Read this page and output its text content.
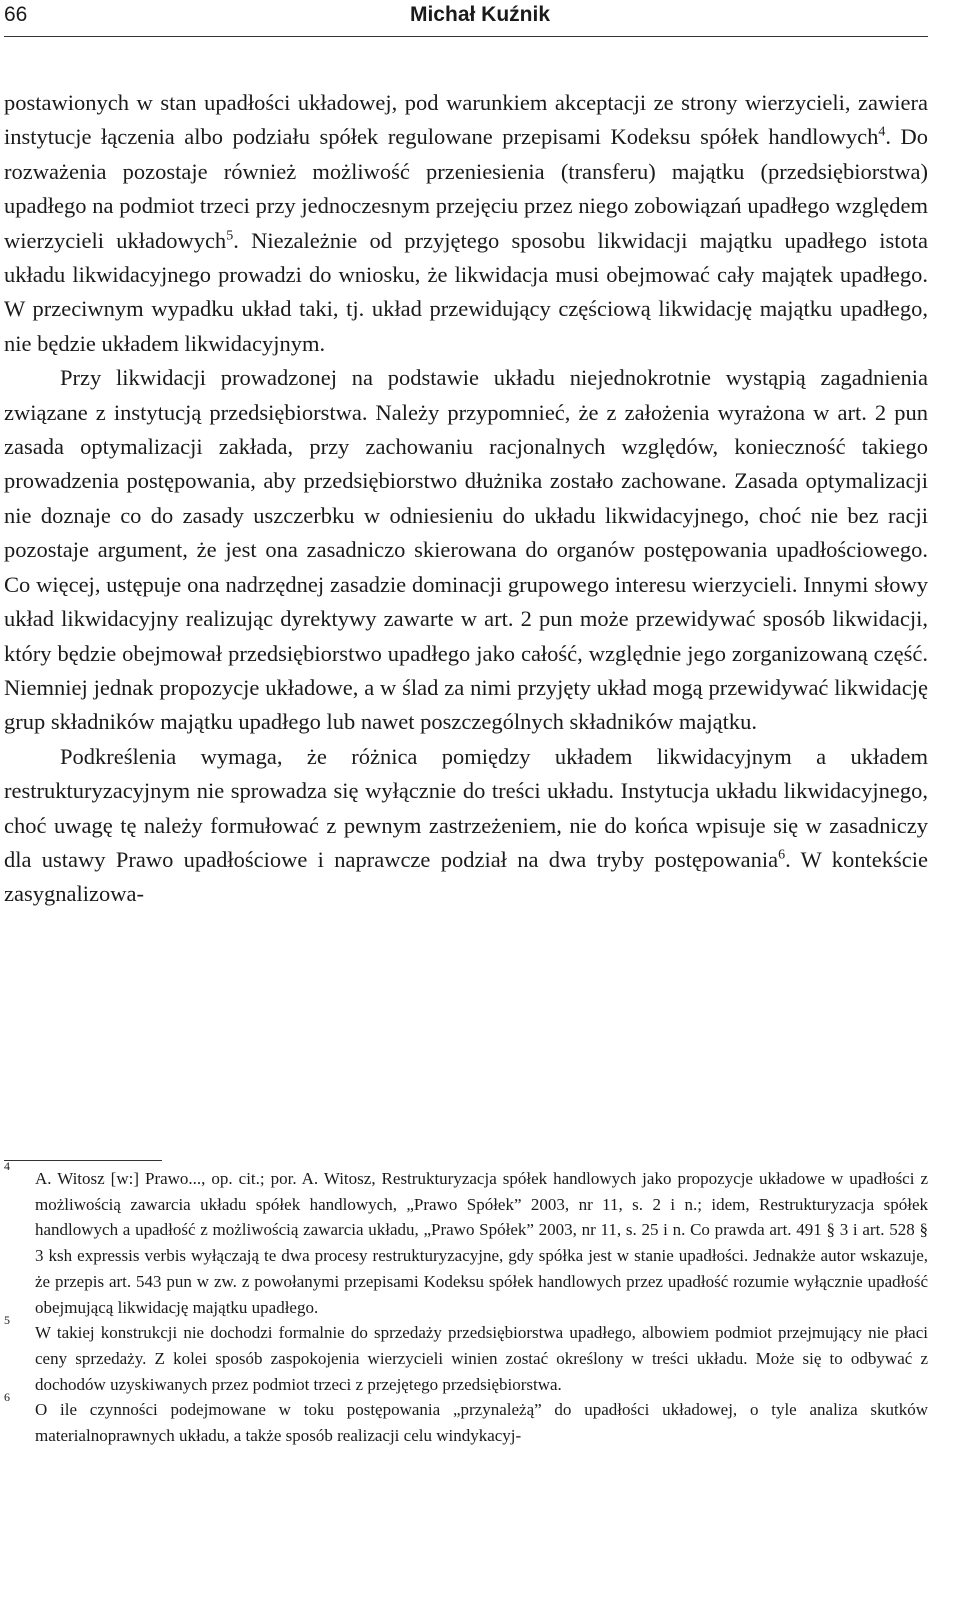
66	Michał Kuźnik

postawionych w stan upadłości układowej, pod warunkiem akceptacji ze strony wierzycieli, zawiera instytucje łączenia albo podziału spółek regulowane przepisami Kodeksu spółek handlowych$^4$. Do rozważenia pozostaje również możliwość przeniesienia (transferu) majątku (przedsiębiorstwa) upadłego na podmiot trzeci przy jednoczesnym przejęciu przez niego zobowiązań upadłego względem wierzycieli układowych$^5$. Niezależnie od przyjętego sposobu likwidacji majątku upadłego istota układu likwidacyjnego prowadzi do wniosku, że likwidacja musi obejmować cały majątek upadłego. W przeciwnym wypadku układ taki, tj. układ przewidujący częściową likwidację majątku upadłego, nie będzie układem likwidacyjnym.

Przy likwidacji prowadzonej na podstawie układu niejednokrotnie wystąpią zagadnienia związane z instytucją przedsiębiorstwa. Należy przypomnieć, że z założenia wyrażona w art. 2 pun zasada optymalizacji zakłada, przy zachowaniu racjonalnych względów, konieczność takiego prowadzenia postępowania, aby przedsiębiorstwo dłużnika zostało zachowane. Zasada optymalizacji nie doznaje co do zasady uszczerbku w odniesieniu do układu likwidacyjnego, choć nie bez racji pozostaje argument, że jest ona zasadniczo skierowana do organów postępowania upadłościowego. Co więcej, ustępuje ona nadrzędnej zasadzie dominacji grupowego interesu wierzycieli. Innymi słowy układ likwidacyjny realizując dyrektywy zawarte w art. 2 pun może przewidywać sposób likwidacji, który będzie obejmował przedsiębiorstwo upadłego jako całość, względnie jego zorganizowaną część. Niemniej jednak propozycje układowe, a w ślad za nimi przyjęty układ mogą przewidywać likwidację grup składników majątku upadłego lub nawet poszczególnych składników majątku.

Podkreślenia wymaga, że różnica pomiędzy układem likwidacyjnym a układem restrukturyzacyjnym nie sprowadza się wyłącznie do treści układu. Instytucja układu likwidacyjnego, choć uwagę tę należy formułować z pewnym zastrzeżeniem, nie do końca wpisuje się w zasadniczy dla ustawy Prawo upadłościowe i naprawcze podział na dwa tryby postępowania$^6$. W kontekście zasygnalizowa-

4
A. Witosz [w:] Prawo..., op. cit.; por. A. Witosz, Restrukturyzacja spółek handlowych jako propozycje układowe w upadłości z możliwością zawarcia układu spółek handlowych, „Prawo Spółek” 2003, nr 11, s. 2 i n.; idem, Restrukturyzacja spółek handlowych a upadłość z możliwością zawarcia układu, „Prawo Spółek” 2003, nr 11, s. 25 i n. Co prawda art. 491 § 3 i art. 528 § 3 ksh expressis verbis wyłączają te dwa procesy restrukturyzacyjne, gdy spółka jest w stanie upadłości. Jednakże autor wskazuje, że przepis art. 543 pun w zw. z powołanymi przepisami Kodeksu spółek handlowych przez upadłość rozumie wyłącznie upadłość obejmującą likwidację majątku upadłego.
5
W takiej konstrukcji nie dochodzi formalnie do sprzedaży przedsiębiorstwa upadłego, albowiem podmiot przejmujący nie płaci ceny sprzedaży. Z kolei sposób zaspokojenia wierzycieli winien zostać określony w treści układu. Może się to odbywać z dochodów uzyskiwanych przez podmiot trzeci z przejętego przedsiębiorstwa.
6
O ile czynności podejmowane w toku postępowania „przynależą” do upadłości układowej, o tyle analiza skutków materialnoprawnych układu, a także sposób realizacji celu windykacyj-
